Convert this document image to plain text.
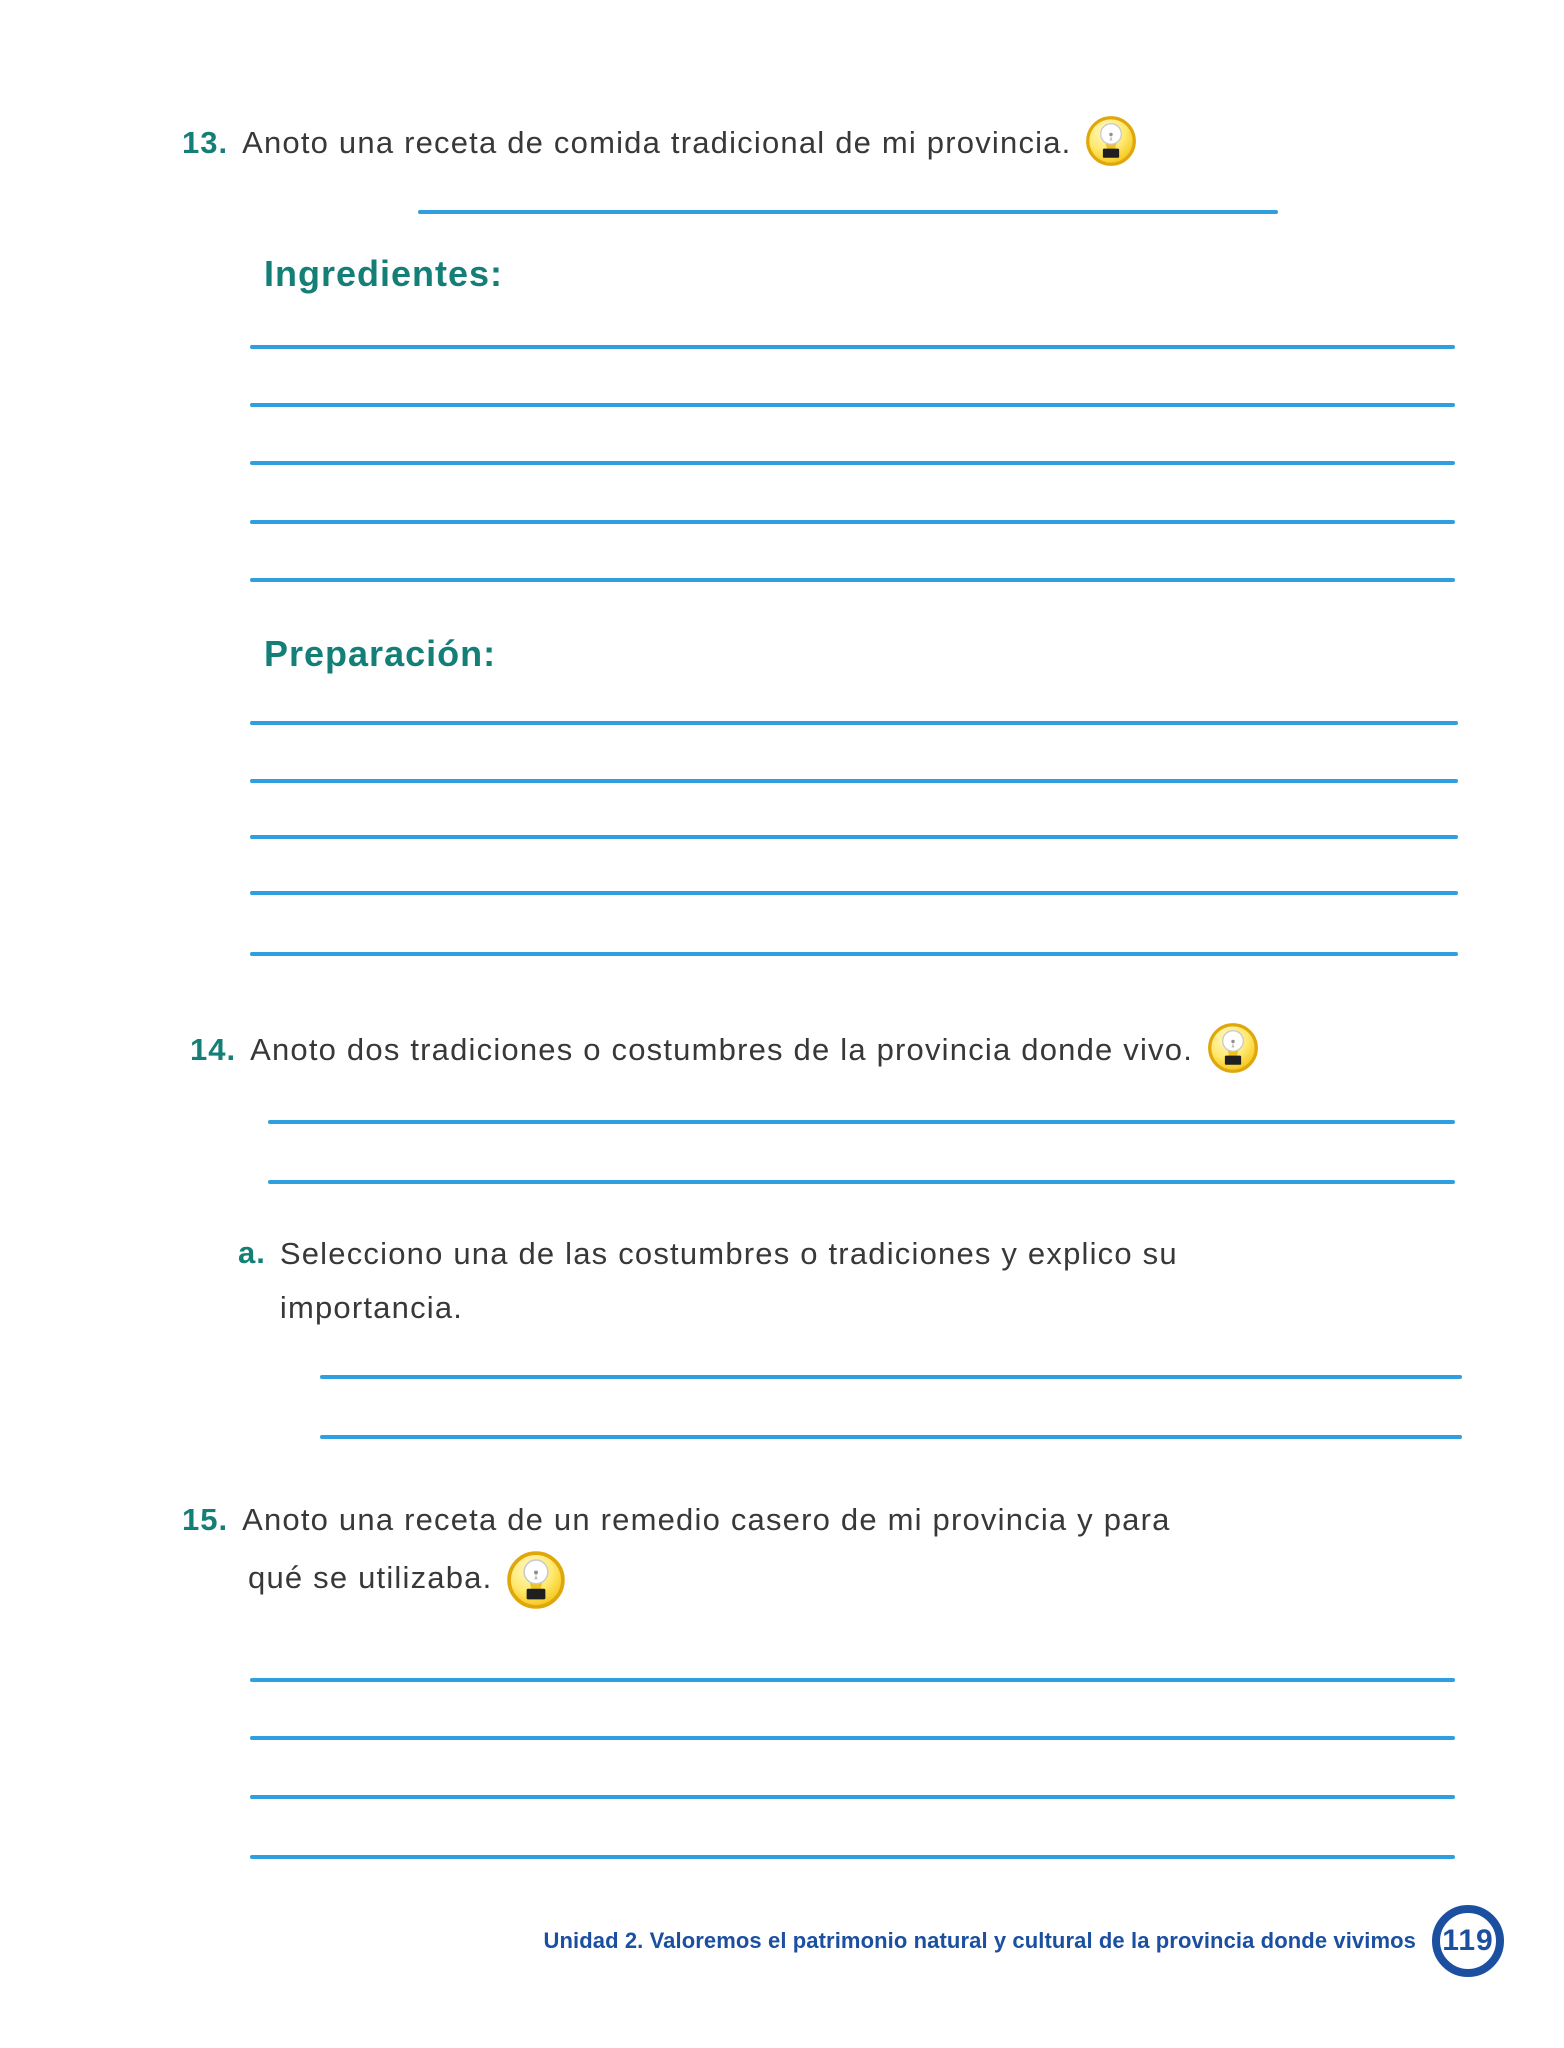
13. Anoto una receta de comida tradicional de mi provincia.
Ingredientes:
Preparación:
14. Anoto dos tradiciones o costumbres de la provincia donde vivo.
a. Selecciono una de las costumbres o tradiciones y explico su
importancia.
15. Anoto una receta de un remedio casero de mi provincia y para
qué se utilizaba.
Unidad 2. Valoremos el patrimonio natural y cultural de la provincia donde vivimos 119
